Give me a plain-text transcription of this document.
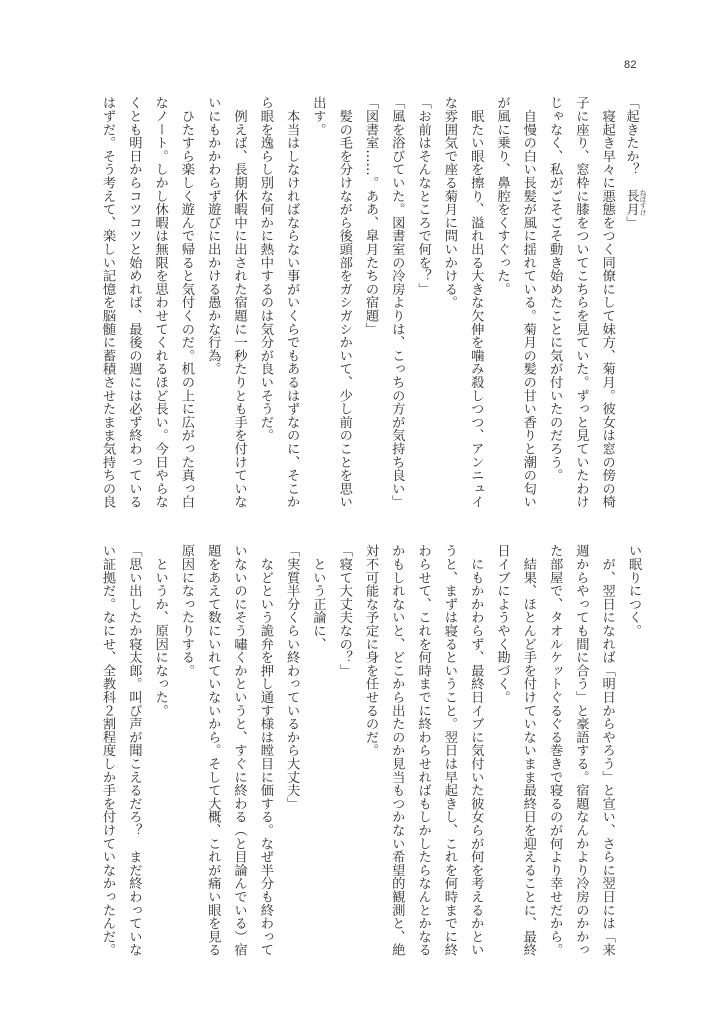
82
「起きたか？　長月 ねぼすけ」
　寝起き早々に悪態をつく同僚にして妹方、菊月。彼女は窓の傍の椅
子に座り、窓枠に膝をついてこちらを見ていた。ずっと見ていたわけ
じゃなく、私がごそごそ動き始めたことに気が付いたのだろう。
　自慢の白い長髪が風に揺れている。菊月の髪の甘い香りと潮の匂い
が風に乗り、鼻腔をくすぐった。
　眠たい眼を擦り、溢れ出る大きな欠伸を噛み殺しつつ、アンニュイ
な雰囲気で座る菊月に問いかける。
「お前はそんなところで何を？」
「風を浴びていた。図書室の冷房よりは、こっちの方が気持ち良い」
「図書室……。ああ、皐月たちの宿題」
　髪の毛を分けながら後頭部をガシガシかいて、少し前のことを思い
出す。
　本当はしなければならない事がいくらでもあるはずなのに、そこか
ら眼を逸らし別な何かに熱中するのは気分が良いそうだ。
　例えば、長期休暇中に出された宿題に一秒たりとも手を付けていな
いにもかかわらず遊びに出かける愚かな行為。
　ひたすら楽しく遊んで帰ると気付くのだ。机の上に広がった真っ白
なノート。しかし休暇は無限を思わせてくれるほど長い。今日やらな
くとも明日からコツコツと始めれば、最後の週には必ず終わっている
はずだ。そう考えて、楽しい記憶を脳髄に蓄積させたまま気持ちの良
い眠りにつく。
　が、翌日になれば「明日からやろう」と宣い、さらに翌日には「来
週からやっても間に合う」と豪語する。宿題なんかより冷房のかかっ
た部屋で、タオルケットぐるぐる巻きで寝るのが何より幸せだから。
　結果、ほとんど手を付けていないまま最終日を迎えることに、最終
日イブにようやく勘づく。
　にもかかわらず、最終日イブに気付いた彼女らが何を考えるかとい
うと、まずは寝るということ。翌日は早起きし、これを何時までに終
わらせて、これを何時までに終わらせればもしかしたらなんとかなる
かもしれないと、どこから出たのか見当もつかない希望的観測と、絶
対不可能な予定に身を任せるのだ。
「寝て大丈夫なの？」
　という正論に、
「実質半分くらい終わっているから大丈夫」
　などという詭弁を押し通す様は瞠目に価する。なぜ半分も終わって
いないのにそう嘯くかというと、すぐに終わる（と目論んでいる）宿
題をあえて数にいれていないから。そして大概、これが痛い眼を見る
原因になったりする。
　というか、原因になった。
「思い出したか寝太郎。叫び声が聞こえるだろ？　まだ終わっていな
い証拠だ。なにせ、全教科２割程度しか手を付けていなかったんだ。
